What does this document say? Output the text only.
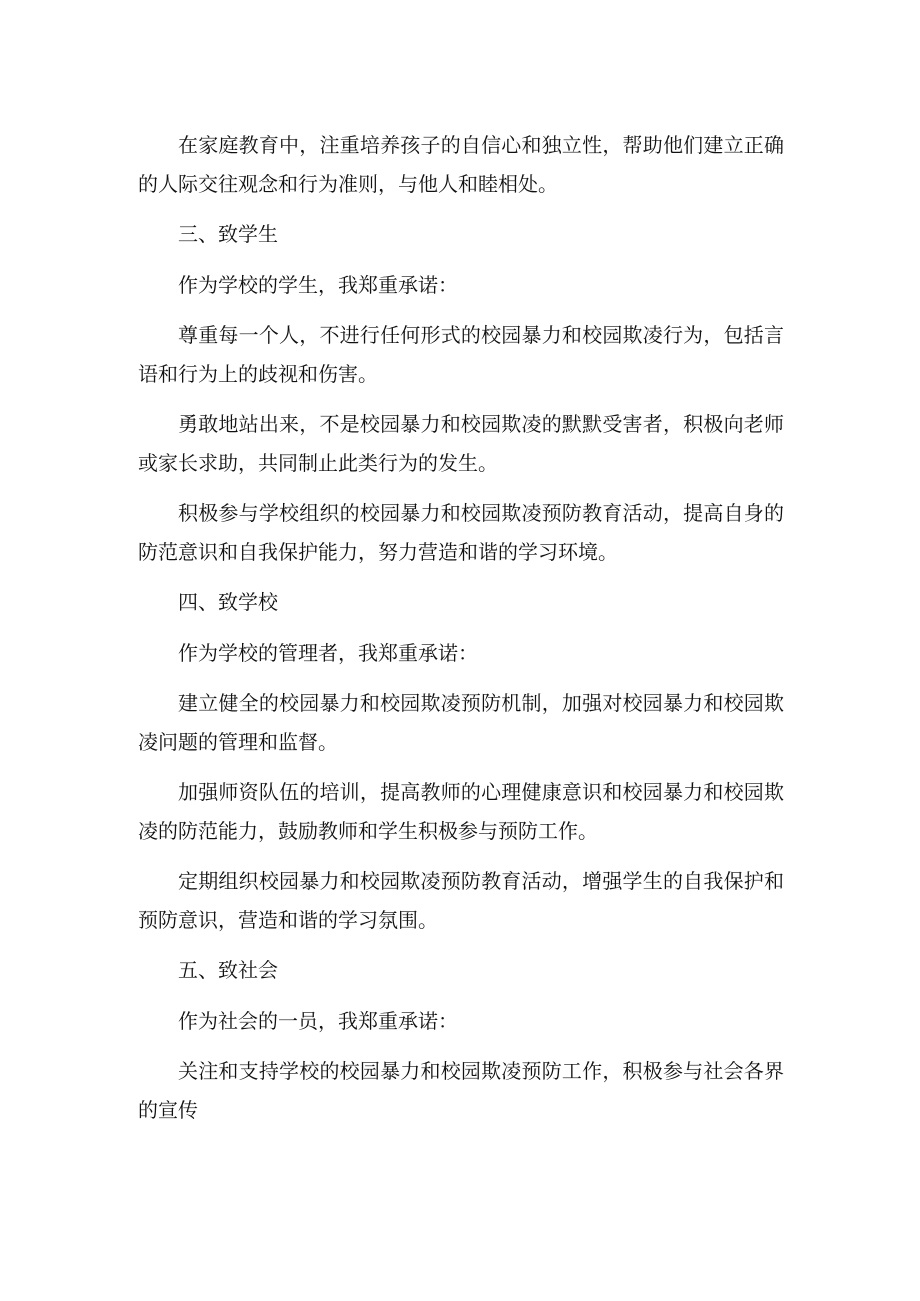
在家庭教育中，注重培养孩子的自信心和独立性，帮助他们建立正确的人际交往观念和行为准则，与他人和睦相处。

三、致学生

作为学校的学生，我郑重承诺：

尊重每一个人，不进行任何形式的校园暴力和校园欺凌行为，包括言语和行为上的歧视和伤害。

勇敢地站出来，不是校园暴力和校园欺凌的默默受害者，积极向老师或家长求助，共同制止此类行为的发生。

积极参与学校组织的校园暴力和校园欺凌预防教育活动，提高自身的防范意识和自我保护能力，努力营造和谐的学习环境。

四、致学校

作为学校的管理者，我郑重承诺：

建立健全的校园暴力和校园欺凌预防机制，加强对校园暴力和校园欺凌问题的管理和监督。

加强师资队伍的培训，提高教师的心理健康意识和校园暴力和校园欺凌的防范能力，鼓励教师和学生积极参与预防工作。

定期组织校园暴力和校园欺凌预防教育活动，增强学生的自我保护和预防意识，营造和谐的学习氛围。

五、致社会

作为社会的一员，我郑重承诺：

关注和支持学校的校园暴力和校园欺凌预防工作，积极参与社会各界的宣传
